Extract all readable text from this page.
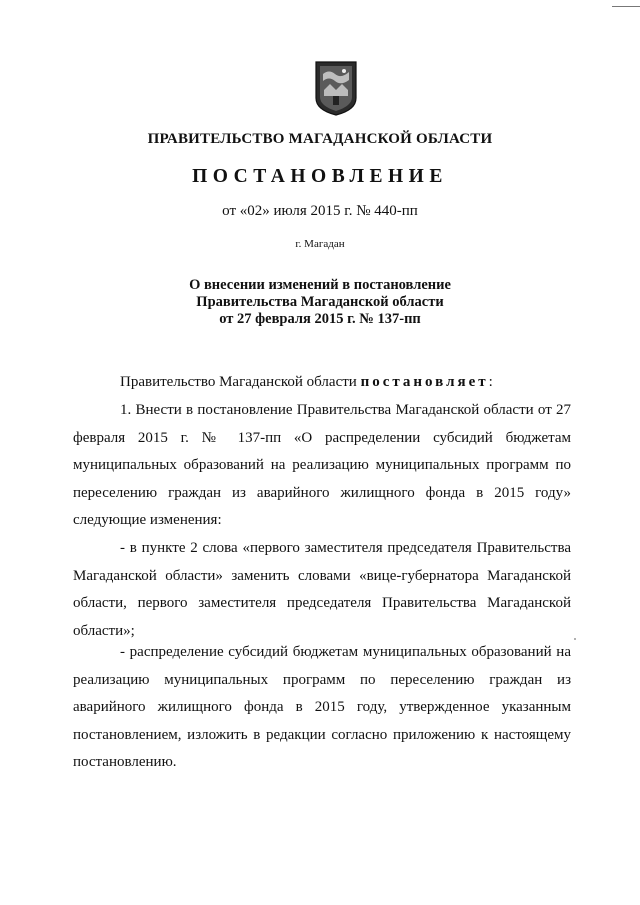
ПРАВИТЕЛЬСТВО МАГАДАНСКОЙ ОБЛАСТИ
ПОСТАНОВЛЕНИЕ
от «02» июля 2015 г. № 440-пп
г. Магадан
О внесении изменений в постановление
Правительства Магаданской области
от 27 февраля 2015 г. № 137-пп
Правительство Магаданской области постановляет:
1. Внести в постановление Правительства Магаданской области от 27 февраля 2015 г. № 137-пп «О распределении субсидий бюджетам муниципальных образований на реализацию муниципальных программ по переселению граждан из аварийного жилищного фонда в 2015 году» следующие изменения:
- в пункте 2 слова «первого заместителя председателя Правительства Магаданской области» заменить словами «вице-губернатора Магаданской области, первого заместителя председателя Правительства Магаданской области»;
- распределение субсидий бюджетам муниципальных образований на реализацию муниципальных программ по переселению граждан из аварийного жилищного фонда в 2015 году, утвержденное указанным постановлением, изложить в редакции согласно приложению к настоящему постановлению.
